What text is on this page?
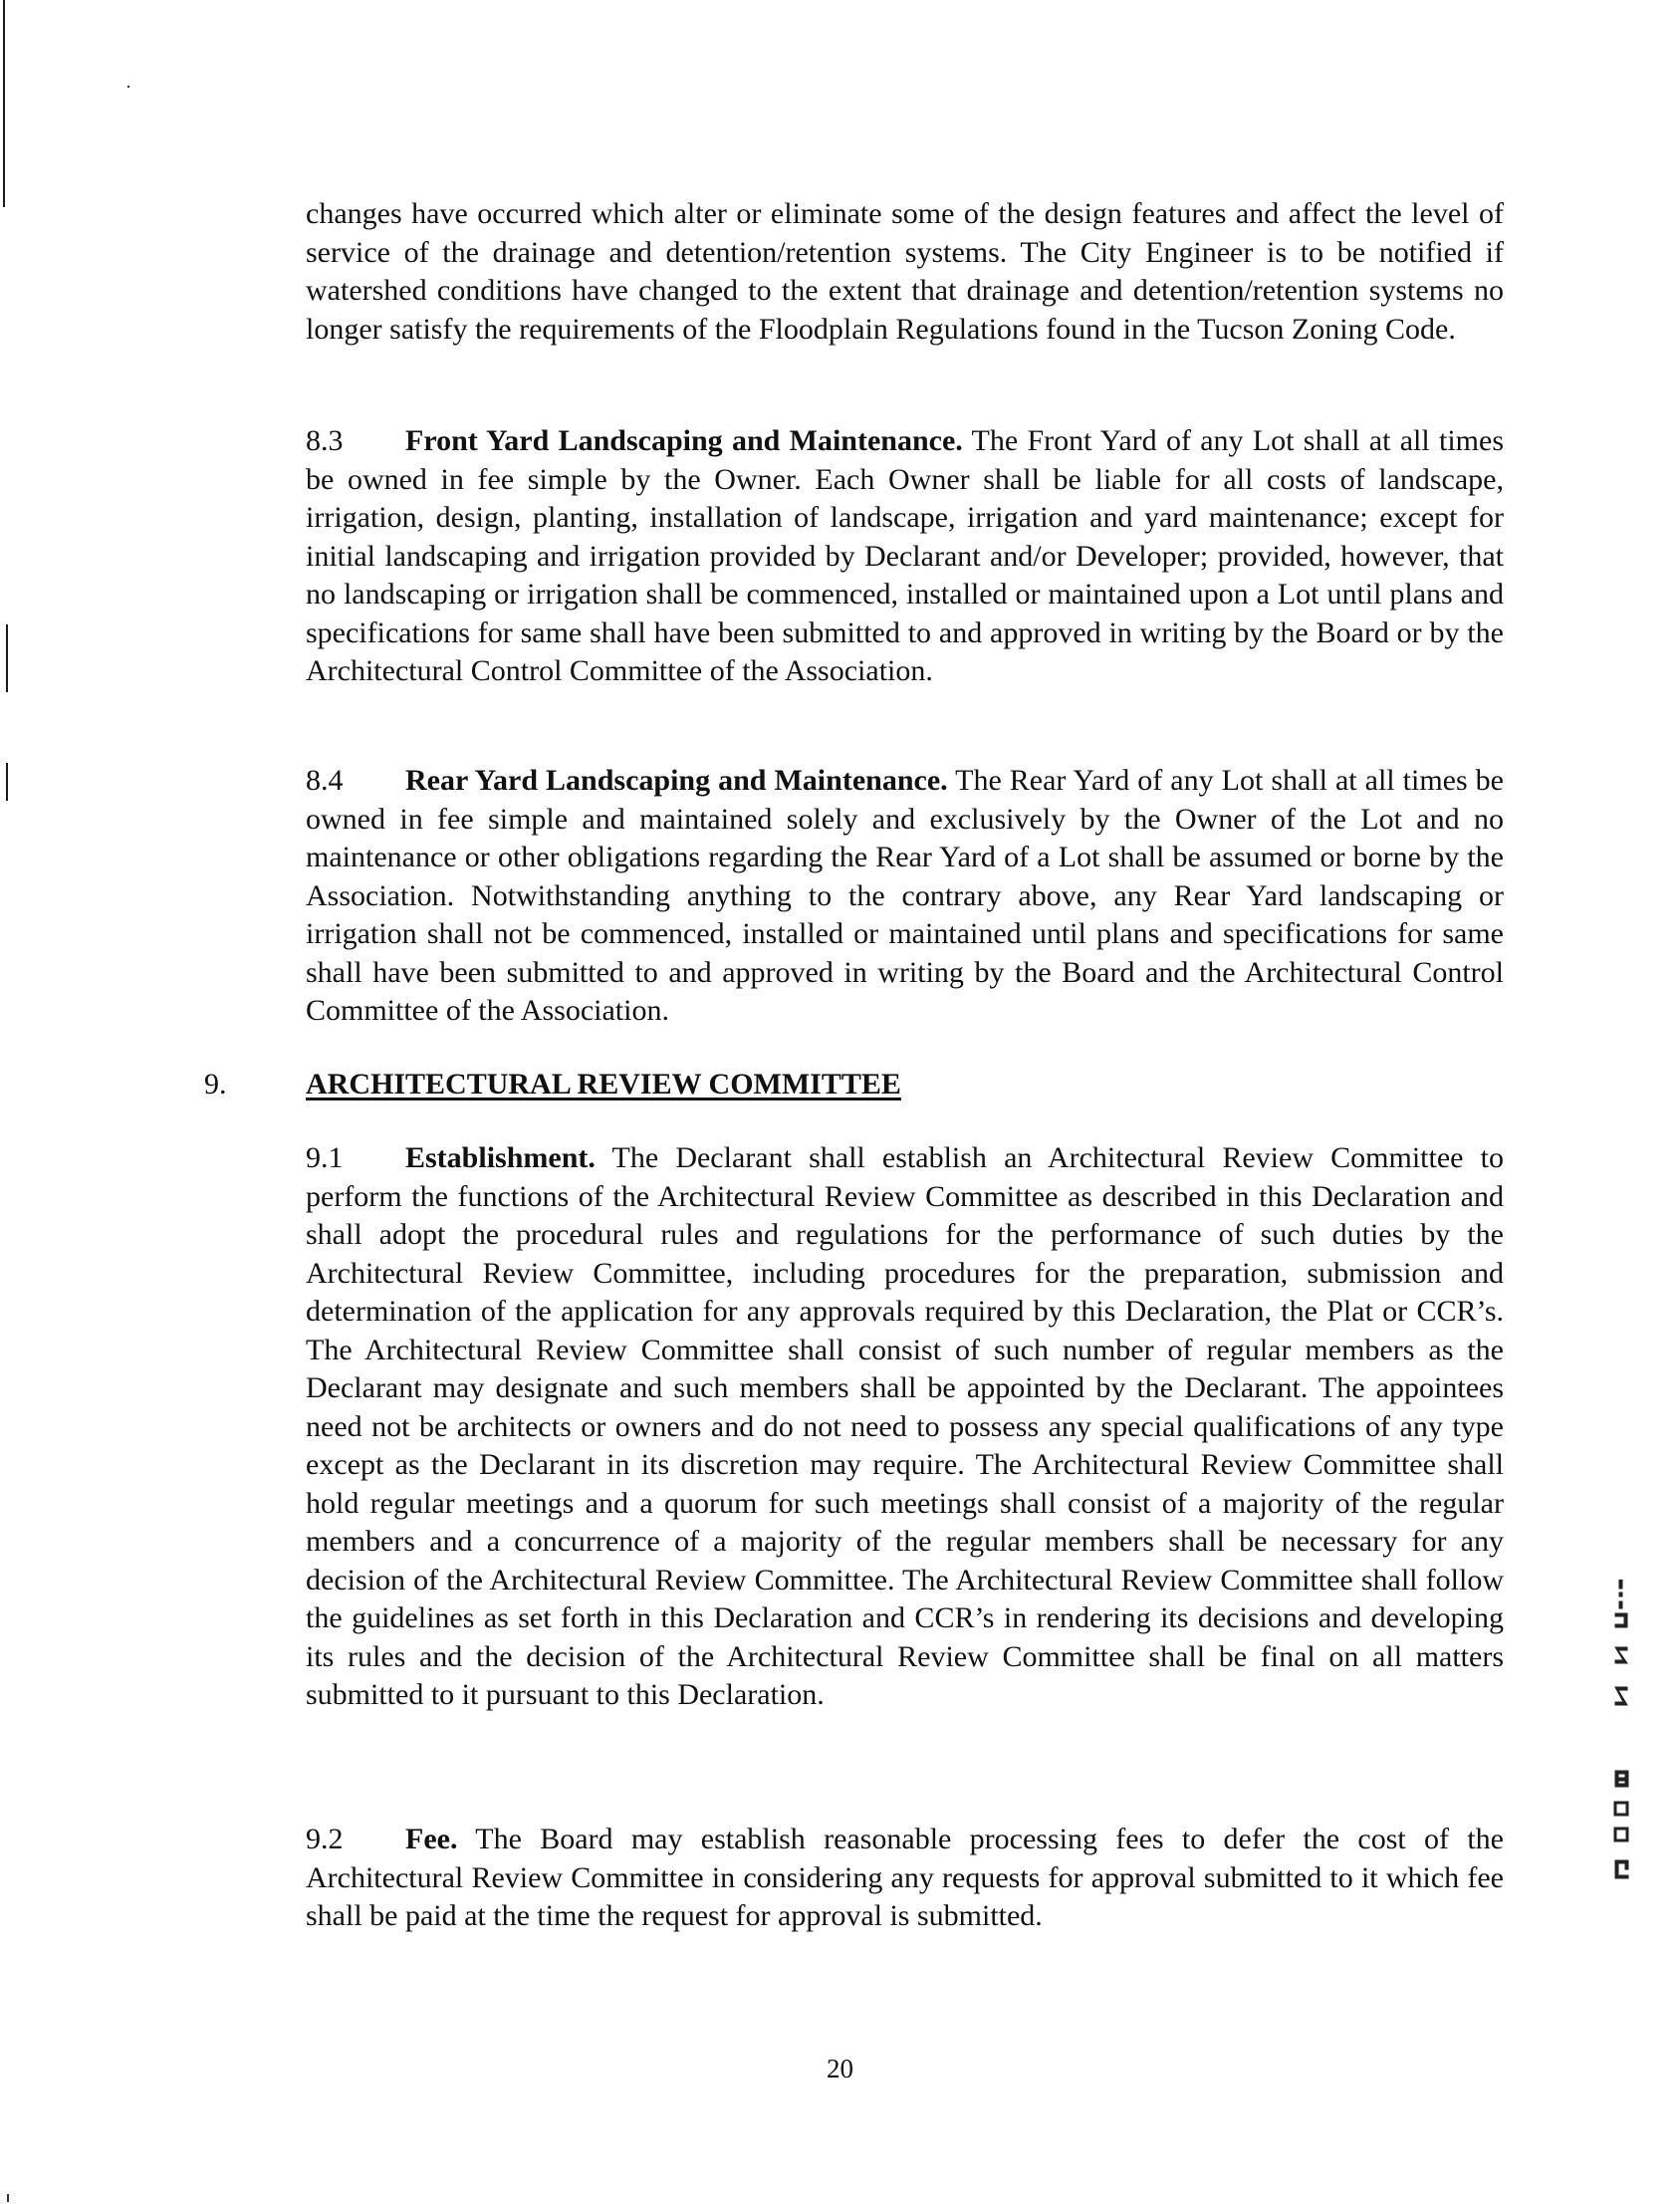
changes have occurred which alter or eliminate some of the design features and affect the level of service of the drainage and detention/retention systems. The City Engineer is to be notified if watershed conditions have changed to the extent that drainage and detention/retention systems no longer satisfy the requirements of the Floodplain Regulations found in the Tucson Zoning Code.

8.3 Front Yard Landscaping and Maintenance. The Front Yard of any Lot shall at all times be owned in fee simple by the Owner. Each Owner shall be liable for all costs of landscape, irrigation, design, planting, installation of landscape, irrigation and yard maintenance; except for initial landscaping and irrigation provided by Declarant and/or Developer; provided, however, that no landscaping or irrigation shall be commenced, installed or maintained upon a Lot until plans and specifications for same shall have been submitted to and approved in writing by the Board or by the Architectural Control Committee of the Association.

8.4 Rear Yard Landscaping and Maintenance. The Rear Yard of any Lot shall at all times be owned in fee simple and maintained solely and exclusively by the Owner of the Lot and no maintenance or other obligations regarding the Rear Yard of a Lot shall be assumed or borne by the Association. Notwithstanding anything to the contrary above, any Rear Yard landscaping or irrigation shall not be commenced, installed or maintained until plans and specifications for same shall have been submitted to and approved in writing by the Board and the Architectural Control Committee of the Association.

9.	ARCHITECTURAL REVIEW COMMITTEE

9.1 Establishment. The Declarant shall establish an Architectural Review Committee to perform the functions of the Architectural Review Committee as described in this Declaration and shall adopt the procedural rules and regulations for the performance of such duties by the Architectural Review Committee, including procedures for the preparation, submission and determination of the application for any approvals required by this Declaration, the Plat or CCR’s. The Architectural Review Committee shall consist of such number of regular members as the Declarant may designate and such members shall be appointed by the Declarant. The appointees need not be architects or owners and do not need to possess any special qualifications of any type except as the Declarant in its discretion may require. The Architectural Review Committee shall hold regular meetings and a quorum for such meetings shall consist of a majority of the regular members and a concurrence of a majority of the regular members shall be necessary for any decision of the Architectural Review Committee. The Architectural Review Committee shall follow the guidelines as set forth in this Declaration and CCR’s in rendering its decisions and developing its rules and the decision of the Architectural Review Committee shall be final on all matters submitted to it pursuant to this Declaration.

9.2 Fee. The Board may establish reasonable processing fees to defer the cost of the Architectural Review Committee in considering any requests for approval submitted to it which fee shall be paid at the time the request for approval is submitted.

20
